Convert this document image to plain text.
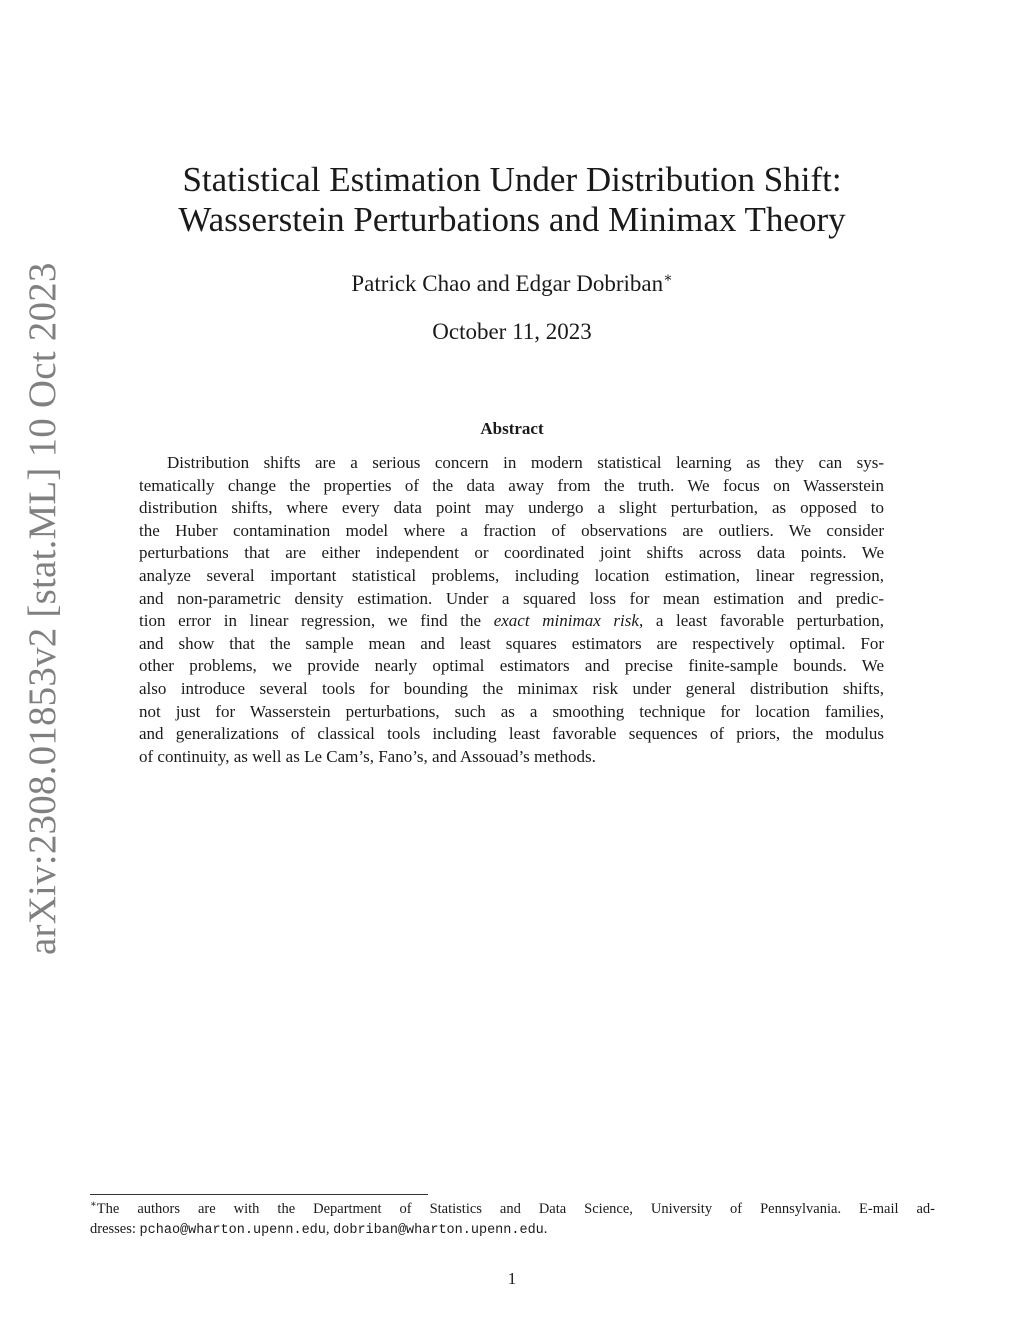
arXiv:2308.01853v2 [stat.ML] 10 Oct 2023
Statistical Estimation Under Distribution Shift:
Wasserstein Perturbations and Minimax Theory
Patrick Chao and Edgar Dobriban∗
October 11, 2023
Abstract
Distribution shifts are a serious concern in modern statistical learning as they can sys-
tematically change the properties of the data away from the truth. We focus on Wasserstein
distribution shifts, where every data point may undergo a slight perturbation, as opposed to
the Huber contamination model where a fraction of observations are outliers. We consider
perturbations that are either independent or coordinated joint shifts across data points. We
analyze several important statistical problems, including location estimation, linear regression,
and non-parametric density estimation. Under a squared loss for mean estimation and predic-
tion error in linear regression, we find the exact minimax risk, a least favorable perturbation,
and show that the sample mean and least squares estimators are respectively optimal. For
other problems, we provide nearly optimal estimators and precise finite-sample bounds. We
also introduce several tools for bounding the minimax risk under general distribution shifts,
not just for Wasserstein perturbations, such as a smoothing technique for location families,
and generalizations of classical tools including least favorable sequences of priors, the modulus
of continuity, as well as Le Cam’s, Fano’s, and Assouad’s methods.
∗The authors are with the Department of Statistics and Data Science, University of Pennsylvania. E-mail ad-
dresses: pchao@wharton.upenn.edu, dobriban@wharton.upenn.edu.
1
